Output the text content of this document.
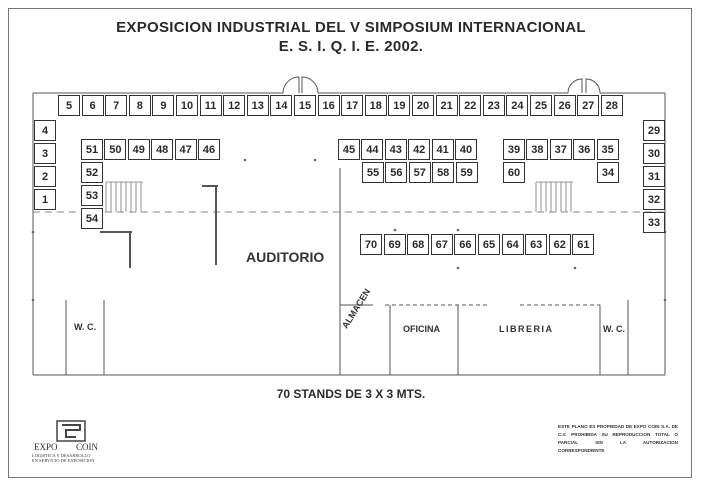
EXPOSICION INDUSTRIAL DEL V SIMPOSIUM INTERNACIONAL
E. S. I. Q. I. E. 2002.
5	6	7	8	9	10	11	12	13	14	15	16	17	18	19	20	21	22	23	24	25	26	27	28
4
3
2
1
29
30
31
32
33
51	50	49	48	47	46
52
53
54
45	44	43	42	41	40
55	56	57	58	59
39	38	37	36	35
60	34
70	69	68	67	66	65	64	63	62	61
AUDITORIO
W. C.	ALMACEN	OFICINA	LIBRERIA	W. C.
70 STANDS DE 3 X 3 MTS.
EXPO COIN
LOGISTICA Y DESARROLLO
EN SERVICIO DE EXPOSICION
ESTE PLANO ES PROPIEDAD DE EXPO COIN S.A. DE C.V. PROHIBIDA SU REPRODUCCION TOTAL O PARCIAL SIN LA AUTORIZACION CORRESPONDIENTE
